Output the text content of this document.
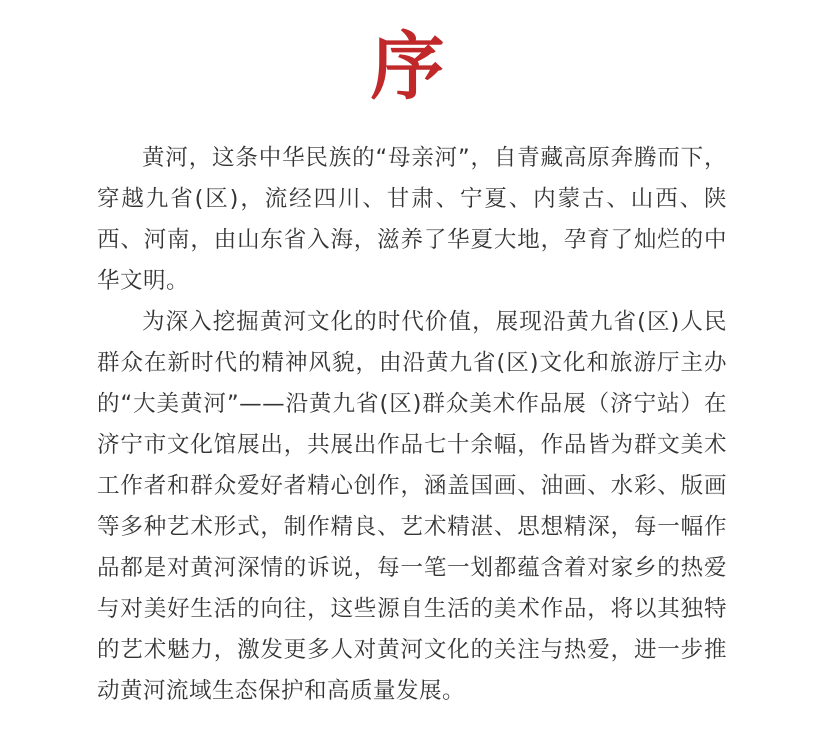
序

黄河，这条中华民族的“母亲河”，自青藏高原奔腾而下，穿越九省(区)，流经四川、甘肃、宁夏、内蒙古、山西、陕西、河南，由山东省入海，滋养了华夏大地，孕育了灿烂的中华文明。

为深入挖掘黄河文化的时代价值，展现沿黄九省(区)人民群众在新时代的精神风貌，由沿黄九省(区)文化和旅游厅主办的“大美黄河”——沿黄九省(区)群众美术作品展（济宁站）在济宁市文化馆展出，共展出作品七十余幅，作品皆为群文美术工作者和群众爱好者精心创作，涵盖国画、油画、水彩、版画等多种艺术形式，制作精良、艺术精湛、思想精深，每一幅作品都是对黄河深情的诉说，每一笔一划都蕴含着对家乡的热爱与对美好生活的向往，这些源自生活的美术作品，将以其独特的艺术魅力，激发更多人对黄河文化的关注与热爱，进一步推动黄河流域生态保护和高质量发展。
